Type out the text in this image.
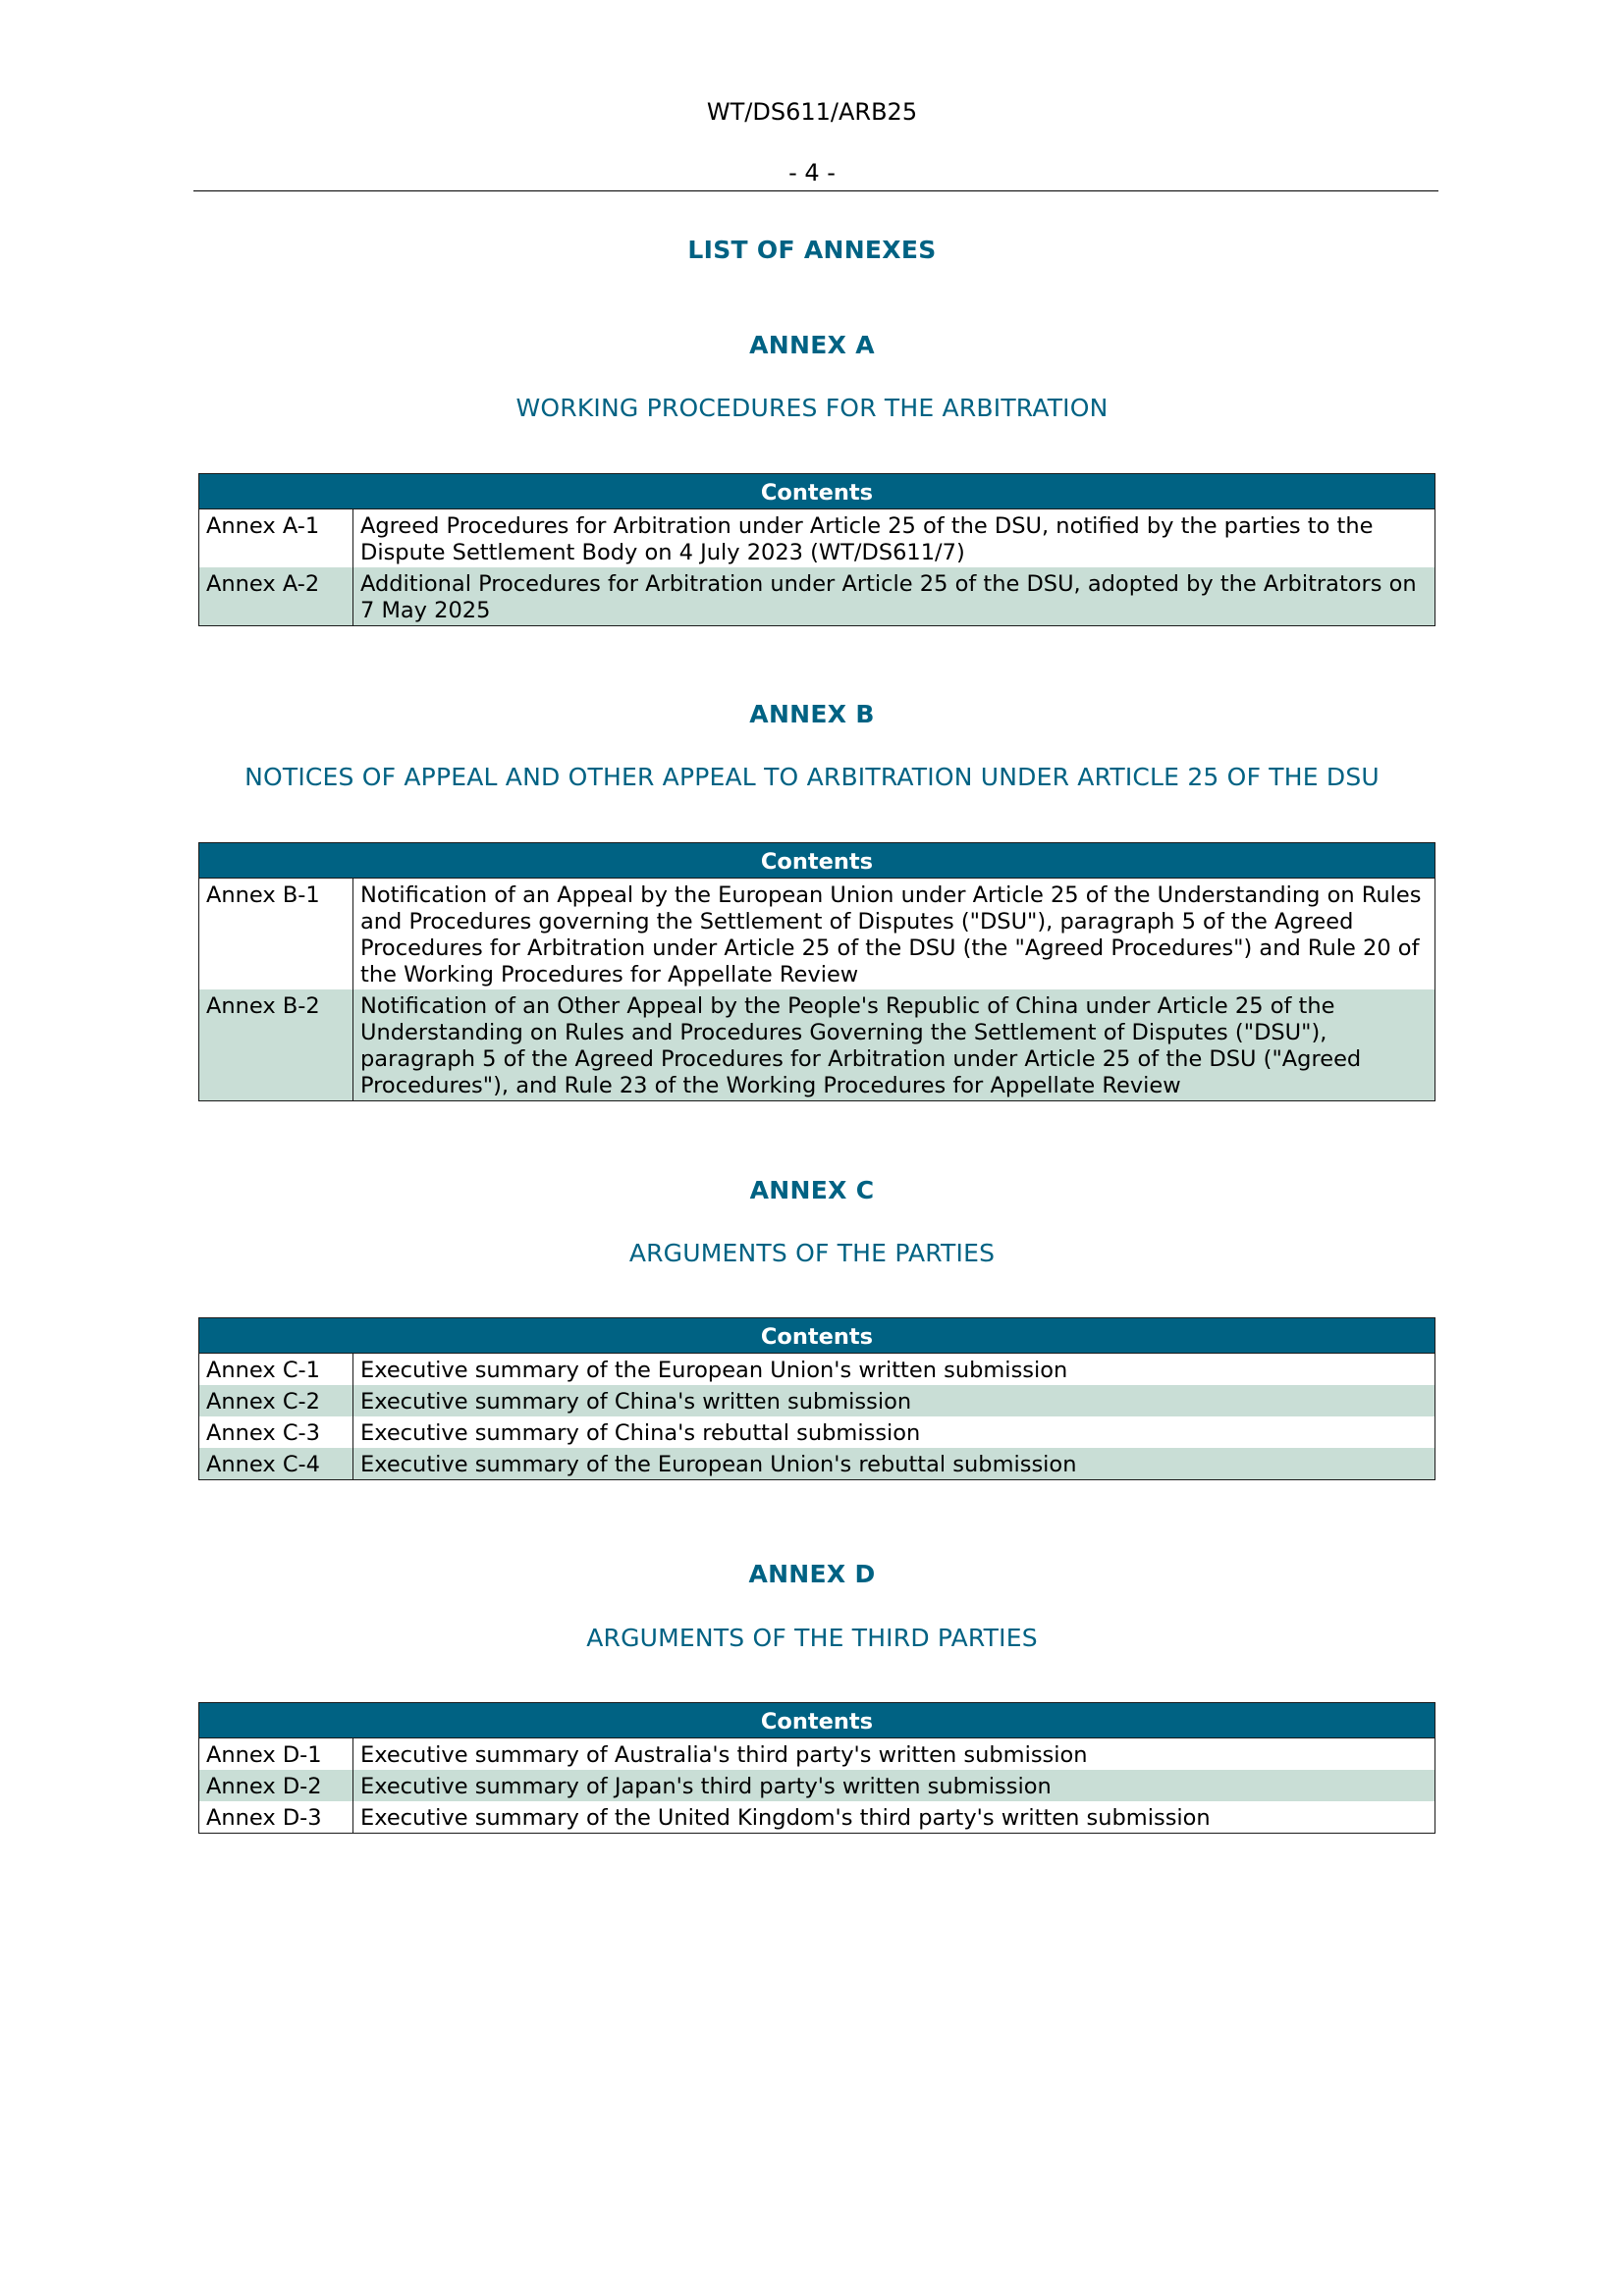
WT/DS611/ARB25
- 4 -
LIST OF ANNEXES
ANNEX A
WORKING PROCEDURES FOR THE ARBITRATION
Contents	
Annex A-1	Agreed Procedures for Arbitration under Article 25 of the DSU, notified by the parties to the Dispute Settlement Body on 4 July 2023 (WT/DS611/7)
Annex A-2	Additional Procedures for Arbitration under Article 25 of the DSU, adopted by the Arbitrators on 7 May 2025
ANNEX B
NOTICES OF APPEAL AND OTHER APPEAL TO ARBITRATION UNDER ARTICLE 25 OF THE DSU
Contents	
Annex B-1	Notification of an Appeal by the European Union under Article 25 of the Understanding on Rules and Procedures governing the Settlement of Disputes ("DSU"), paragraph 5 of the Agreed Procedures for Arbitration under Article 25 of the DSU (the "Agreed Procedures") and Rule 20 of the Working Procedures for Appellate Review
Annex B-2	Notification of an Other Appeal by the People's Republic of China under Article 25 of the Understanding on Rules and Procedures Governing the Settlement of Disputes ("DSU"), paragraph 5 of the Agreed Procedures for Arbitration under Article 25 of the DSU ("Agreed Procedures"), and Rule 23 of the Working Procedures for Appellate Review
ANNEX C
ARGUMENTS OF THE PARTIES
Contents	
Annex C-1	Executive summary of the European Union's written submission
Annex C-2	Executive summary of China's written submission
Annex C-3	Executive summary of China's rebuttal submission
Annex C-4	Executive summary of the European Union's rebuttal submission
ANNEX D
ARGUMENTS OF THE THIRD PARTIES
Contents	
Annex D-1	Executive summary of Australia's third party's written submission
Annex D-2	Executive summary of Japan's third party's written submission
Annex D-3	Executive summary of the United Kingdom's third party's written submission
